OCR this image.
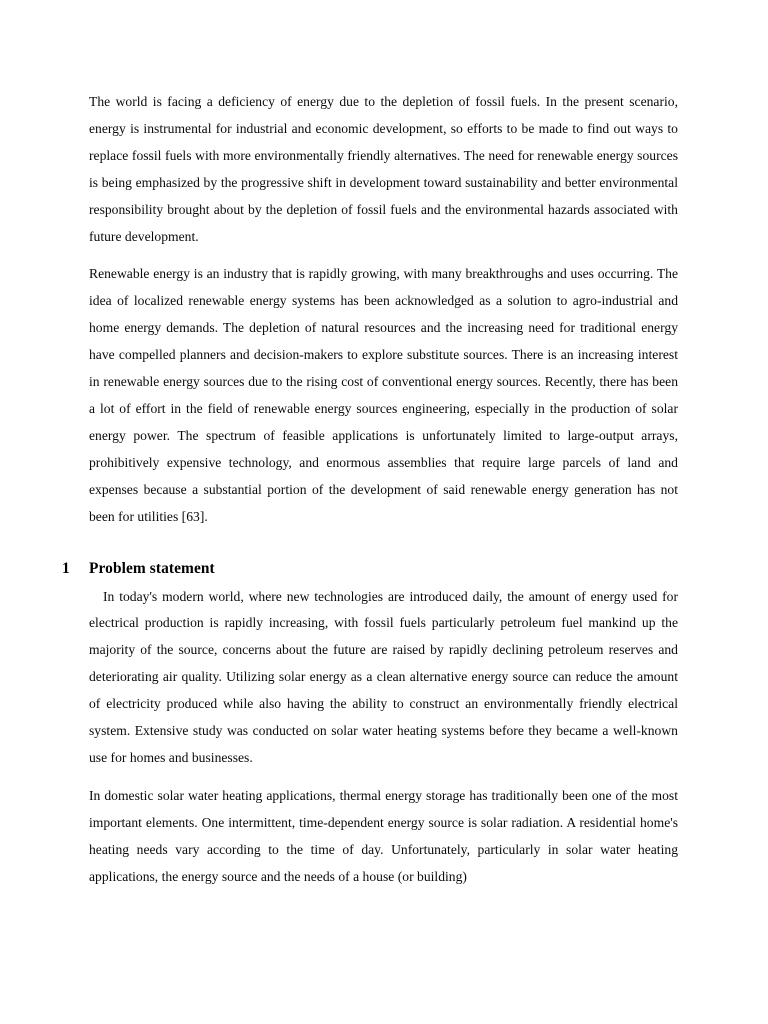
The world is facing a deficiency of energy due to the depletion of fossil fuels. In the present scenario, energy is instrumental for industrial and economic development, so efforts to be made to find out ways to replace fossil fuels with more environmentally friendly alternatives. The need for renewable energy sources is being emphasized by the progressive shift in development toward sustainability and better environmental responsibility brought about by the depletion of fossil fuels and the environmental hazards associated with future development.

Renewable energy is an industry that is rapidly growing, with many breakthroughs and uses occurring. The idea of localized renewable energy systems has been acknowledged as a solution to agro-industrial and home energy demands. The depletion of natural resources and the increasing need for traditional energy have compelled planners and decision-makers to explore substitute sources. There is an increasing interest in renewable energy sources due to the rising cost of conventional energy sources. Recently, there has been a lot of effort in the field of renewable energy sources engineering, especially in the production of solar energy power. The spectrum of feasible applications is unfortunately limited to large-output arrays, prohibitively expensive technology, and enormous assemblies that require large parcels of land and expenses because a substantial portion of the development of said renewable energy generation has not been for utilities [63].

1	Problem statement

In today's modern world, where new technologies are introduced daily, the amount of energy used for electrical production is rapidly increasing, with fossil fuels particularly petroleum fuel mankind up the majority of the source, concerns about the future are raised by rapidly declining petroleum reserves and deteriorating air quality. Utilizing solar energy as a clean alternative energy source can reduce the amount of electricity produced while also having the ability to construct an environmentally friendly electrical system. Extensive study was conducted on solar water heating systems before they became a well-known use for homes and businesses.

In domestic solar water heating applications, thermal energy storage has traditionally been one of the most important elements. One intermittent, time-dependent energy source is solar radiation. A residential home's heating needs vary according to the time of day. Unfortunately, particularly in solar water heating applications, the energy source and the needs of a house (or building)
